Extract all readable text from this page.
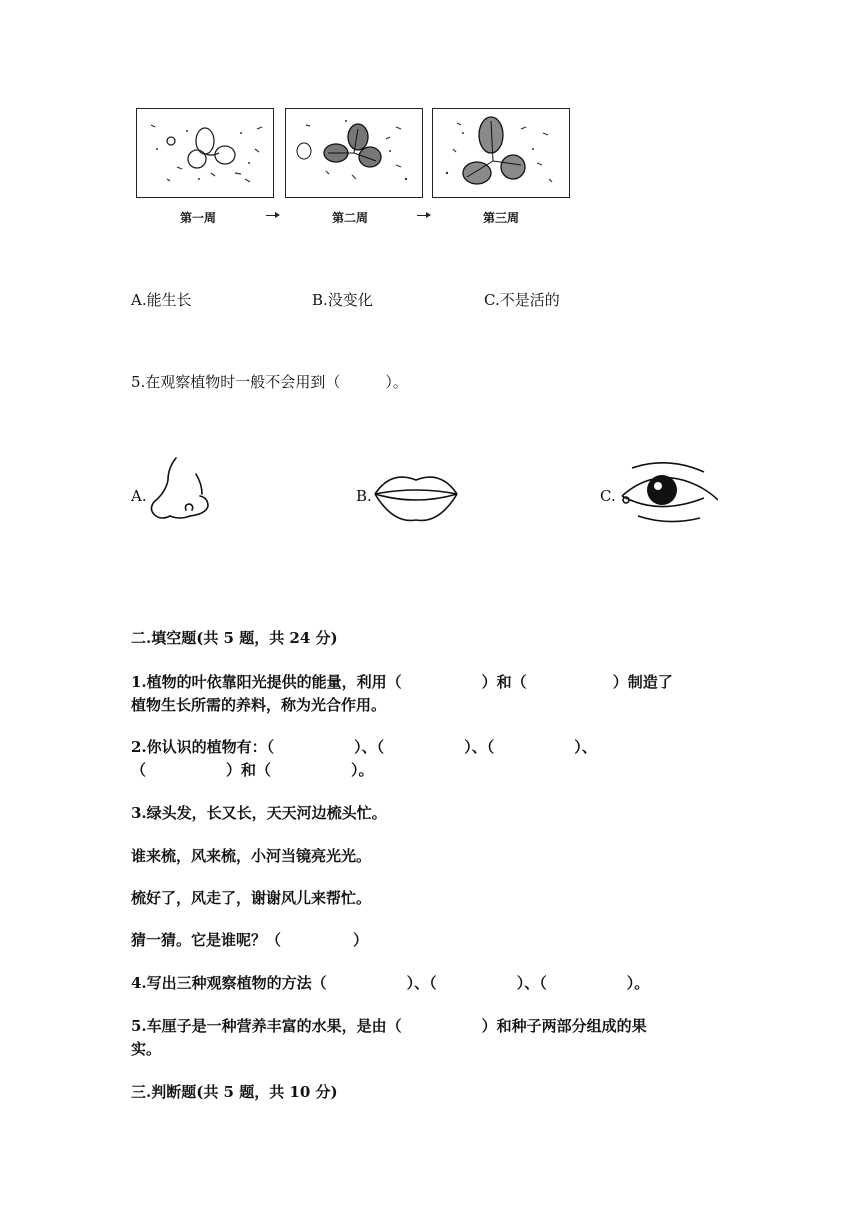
第一周	第二周	第三周
A.能生长	B.没变化	C.不是活的
5.在观察植物时一般不会用到（　　　）。
A.	B.	C.
二.填空题(共 5 题，共 24 分)
1.植物的叶依靠阳光提供的能量，利用（	）和（	）制造了
植物生长所需的养料，称为光合作用。
2.你认识的植物有：（	）、（	）、（	）、
（	）和（	）。
3.绿头发，长又长，天天河边梳头忙。
谁来梳，风来梳，小河当镜亮光光。
梳好了，风走了，谢谢风儿来帮忙。
猜一猜。它是谁呢？（	）
4.写出三种观察植物的方法（	）、（	）、（	）。
5.车厘子是一种营养丰富的水果，是由（	）和种子两部分组成的果
实。
三.判断题(共 5 题，共 10 分)
